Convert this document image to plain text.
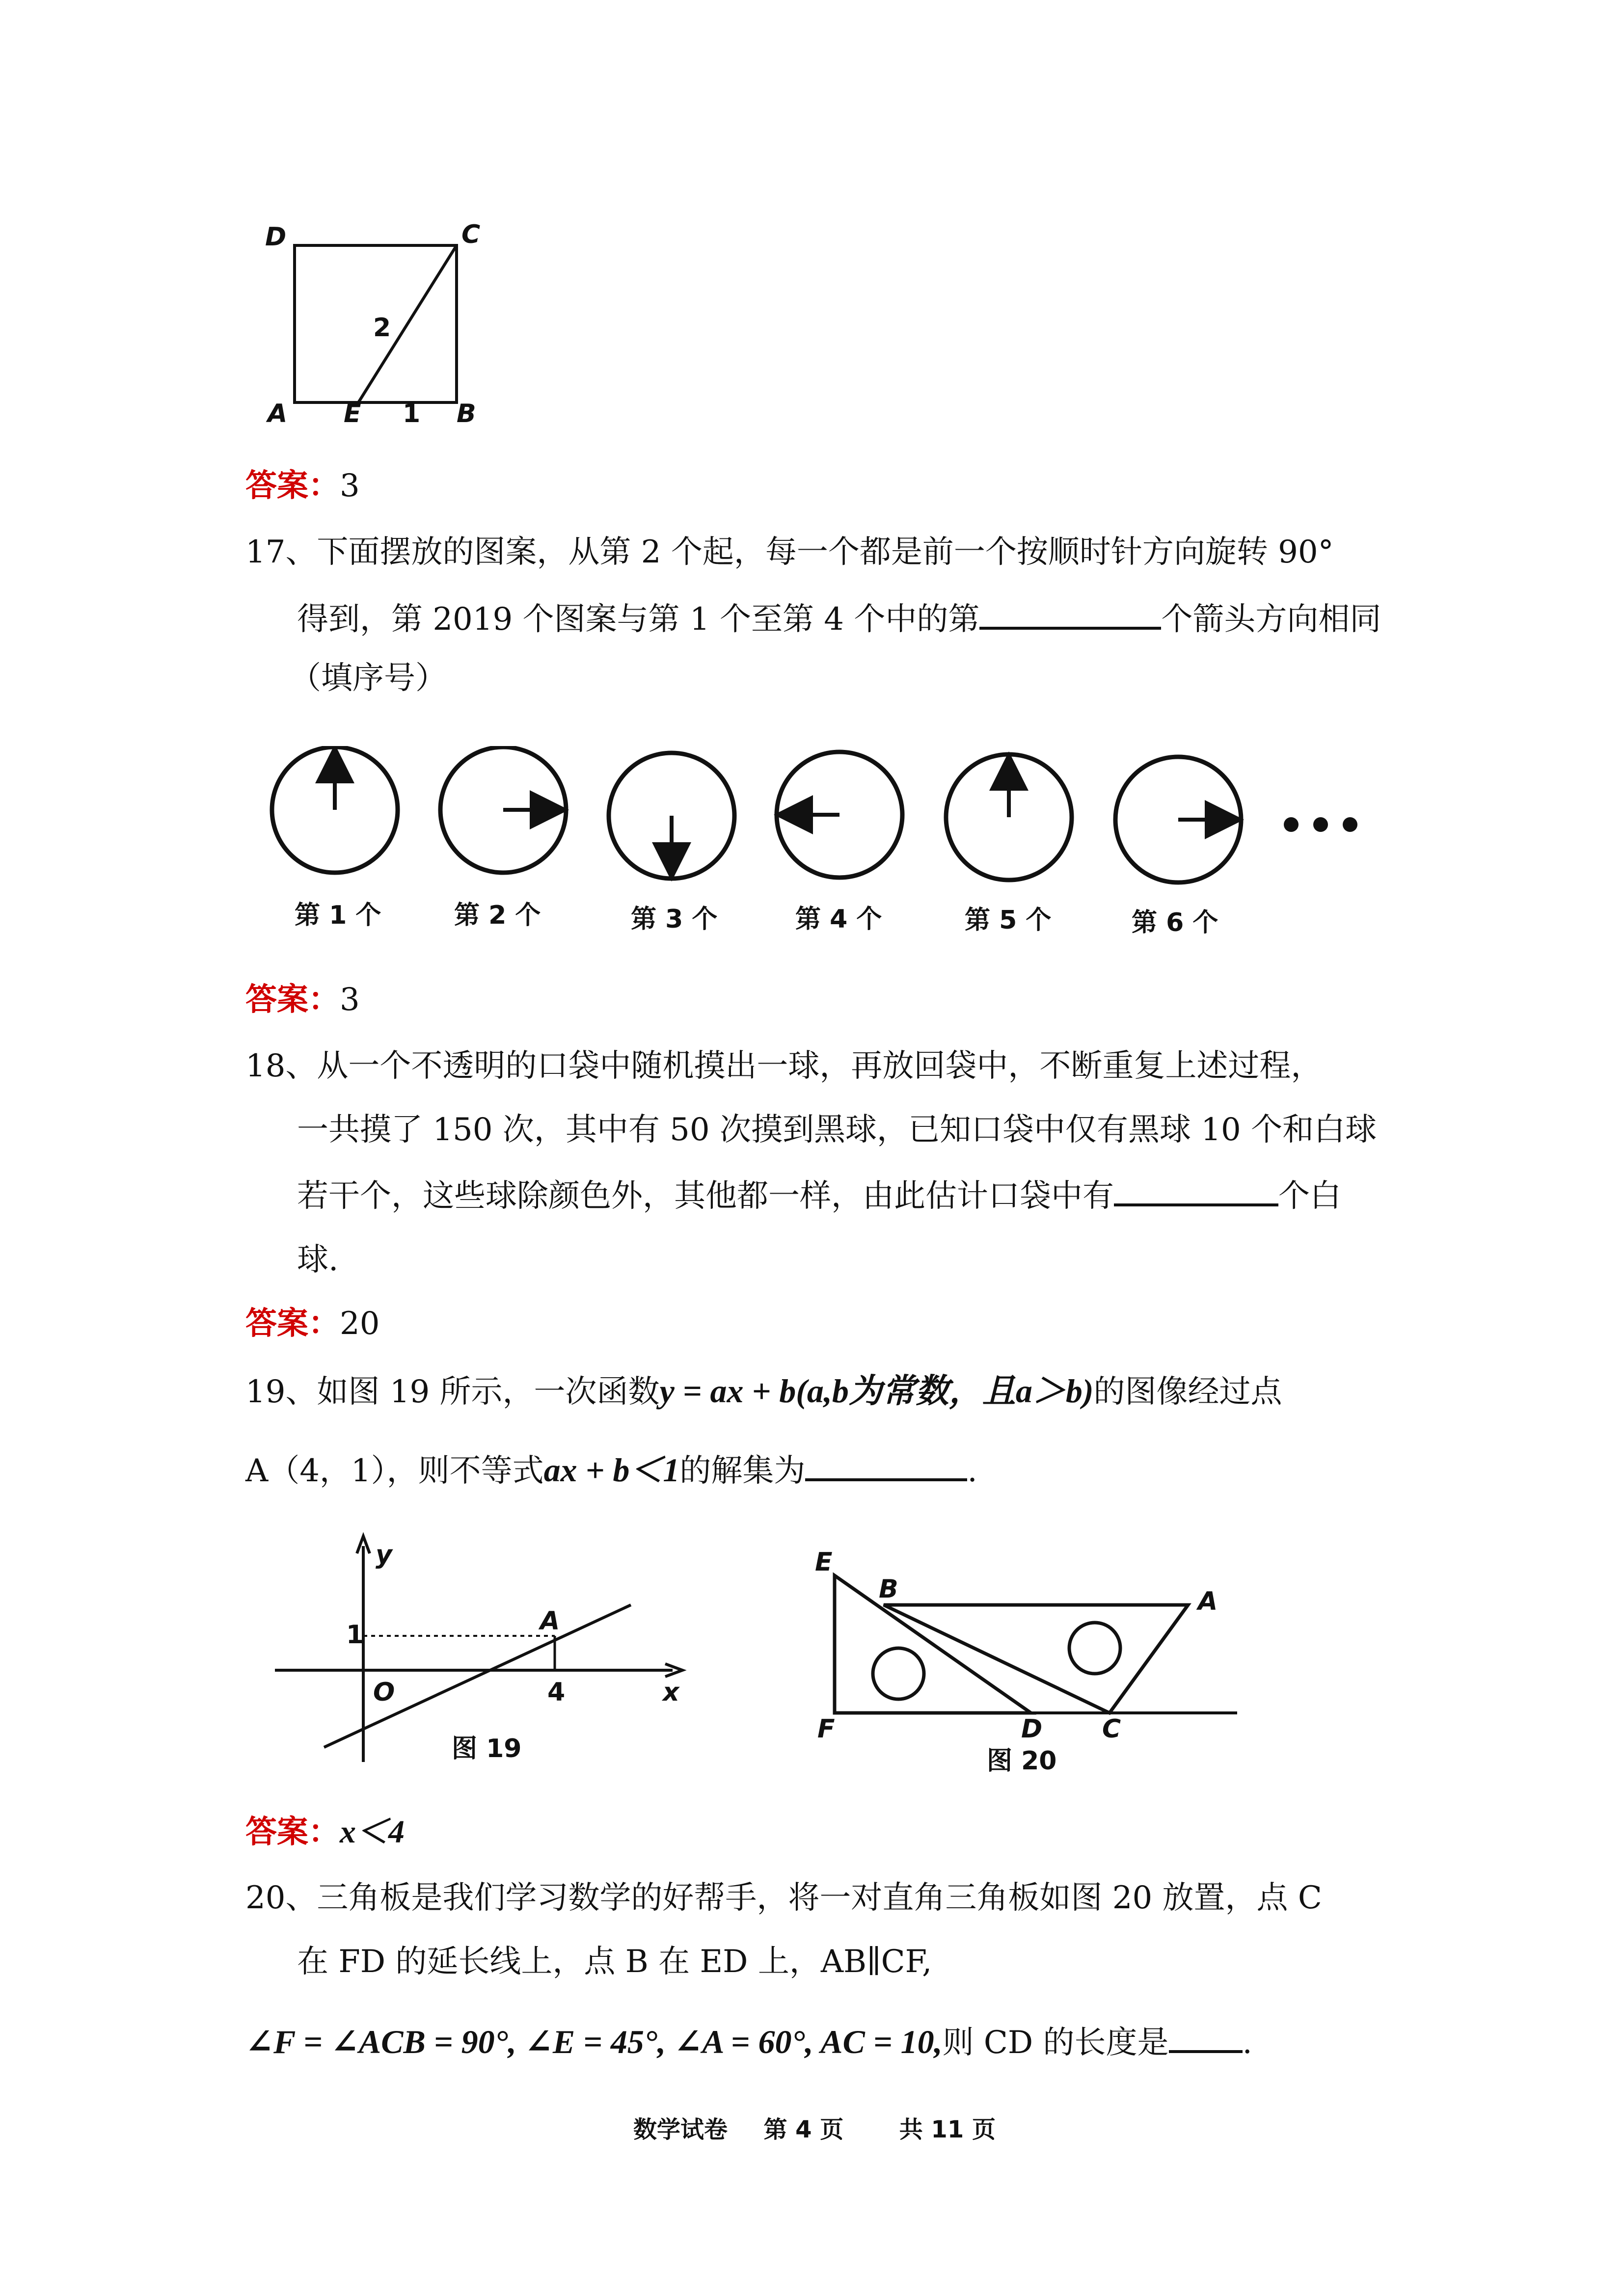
D	C
A E 1 B
2
答案：3
17、下面摆放的图案，从第 2 个起，每一个都是前一个按顺时针方向旋转 90°
得到，第 2019 个图案与第 1 个至第 4 个中的第	个箭头方向相同
（填序号）
第 1 个	第 2 个	第 3 个	第 4 个	第 5 个	第 6 个
答案：3
18、从一个不透明的口袋中随机摸出一球，再放回袋中，不断重复上述过程，
一共摸了 150 次，其中有 50 次摸到黑球，已知口袋中仅有黑球 10 个和白球
若干个，这些球除颜色外，其他都一样，由此估计口袋中有	个白
球.
答案：20
19、如图 19 所示，一次函数y = ax + b(a,b为常数，且a＞b)的图像经过点
A（4，1），则不等式ax + b＜1的解集为	.
y
x
O
1
4
A
图 19
E
B	A
F	D C
图 20
答案：x＜4
20、三角板是我们学习数学的好帮手，将一对直角三角板如图 20 放置，点 C
在 FD 的延长线上，点 B 在 ED 上，AB∥CF,
∠F = ∠ACB = 90°, ∠E = 45°, ∠A = 60°, AC = 10,则 CD 的长度是 .
数学试卷 第 4 页 共 11 页
